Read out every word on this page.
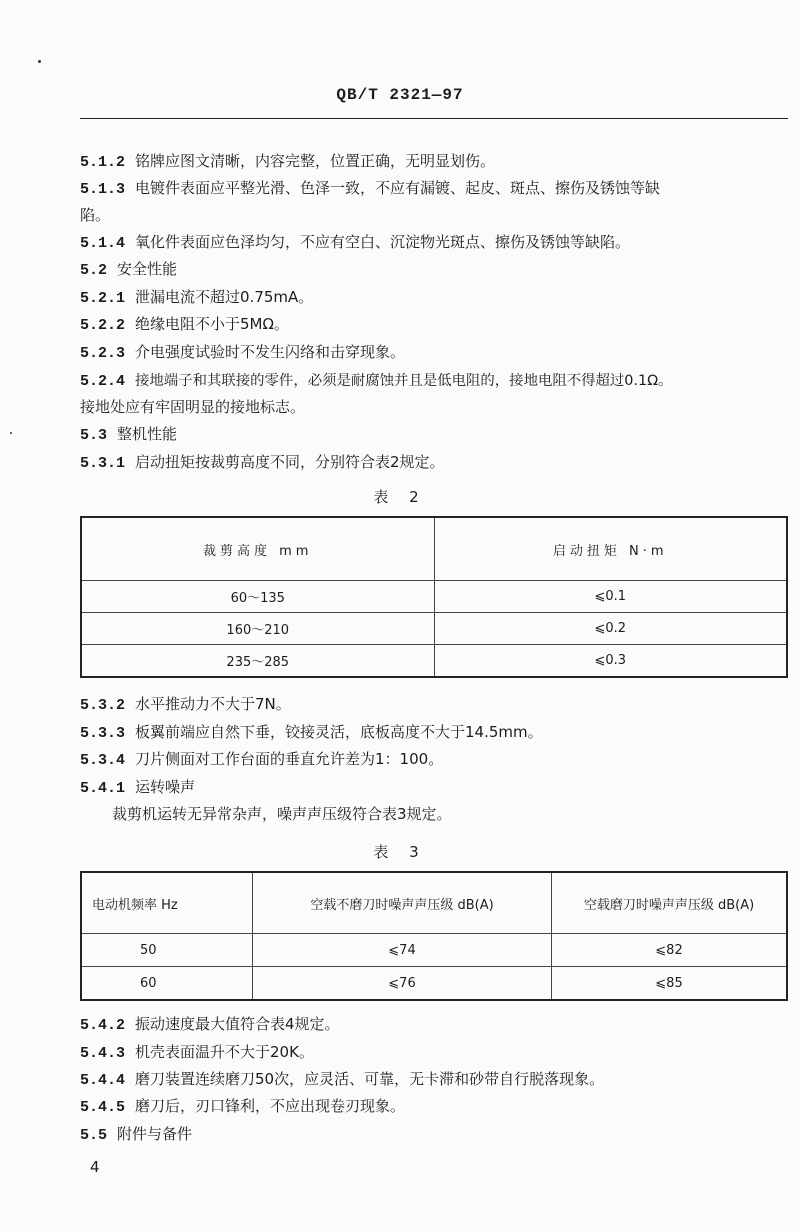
QB/T 2321—97
5.1.2 铭牌应图文清晰，内容完整，位置正确，无明显划伤。
5.1.3 电镀件表面应平整光滑、色泽一致，不应有漏镀、起皮、斑点、擦伤及锈蚀等缺
陷。
5.1.4 氧化件表面应色泽均匀，不应有空白、沉淀物光斑点、擦伤及锈蚀等缺陷。
5.2 安全性能
5.2.1 泄漏电流不超过0.75mA。
5.2.2 绝缘电阻不小于5MΩ。
5.2.3 介电强度试验时不发生闪络和击穿现象。
5.2.4 接地端子和其联接的零件，必须是耐腐蚀并且是低电阻的，接地电阻不得超过0.1Ω。
接地处应有牢固明显的接地标志。
5.3 整机性能
5.3.1 启动扭矩按裁剪高度不同，分别符合表2规定。
表 2
裁剪高度 mm	启动扭矩 N·m
60～135	⩽0.1
160～210	⩽0.2
235～285	⩽0.3
5.3.2 水平推动力不大于7N。
5.3.3 板翼前端应自然下垂，铰接灵活，底板高度不大于14.5mm。
5.3.4 刀片侧面对工作台面的垂直允许差为1：100。
5.4.1 运转噪声
裁剪机运转无异常杂声，噪声声压级符合表3规定。
表 3
电动机频率 Hz	空载不磨刀时噪声声压级 dB(A)	空载磨刀时噪声声压级 dB(A)
50	⩽74	⩽82
60	⩽76	⩽85
5.4.2 振动速度最大值符合表4规定。
5.4.3 机壳表面温升不大于20K。
5.4.4 磨刀装置连续磨刀50次，应灵活、可靠，无卡滞和砂带自行脱落现象。
5.4.5 磨刀后，刃口锋利，不应出现卷刃现象。
5.5 附件与备件
4
